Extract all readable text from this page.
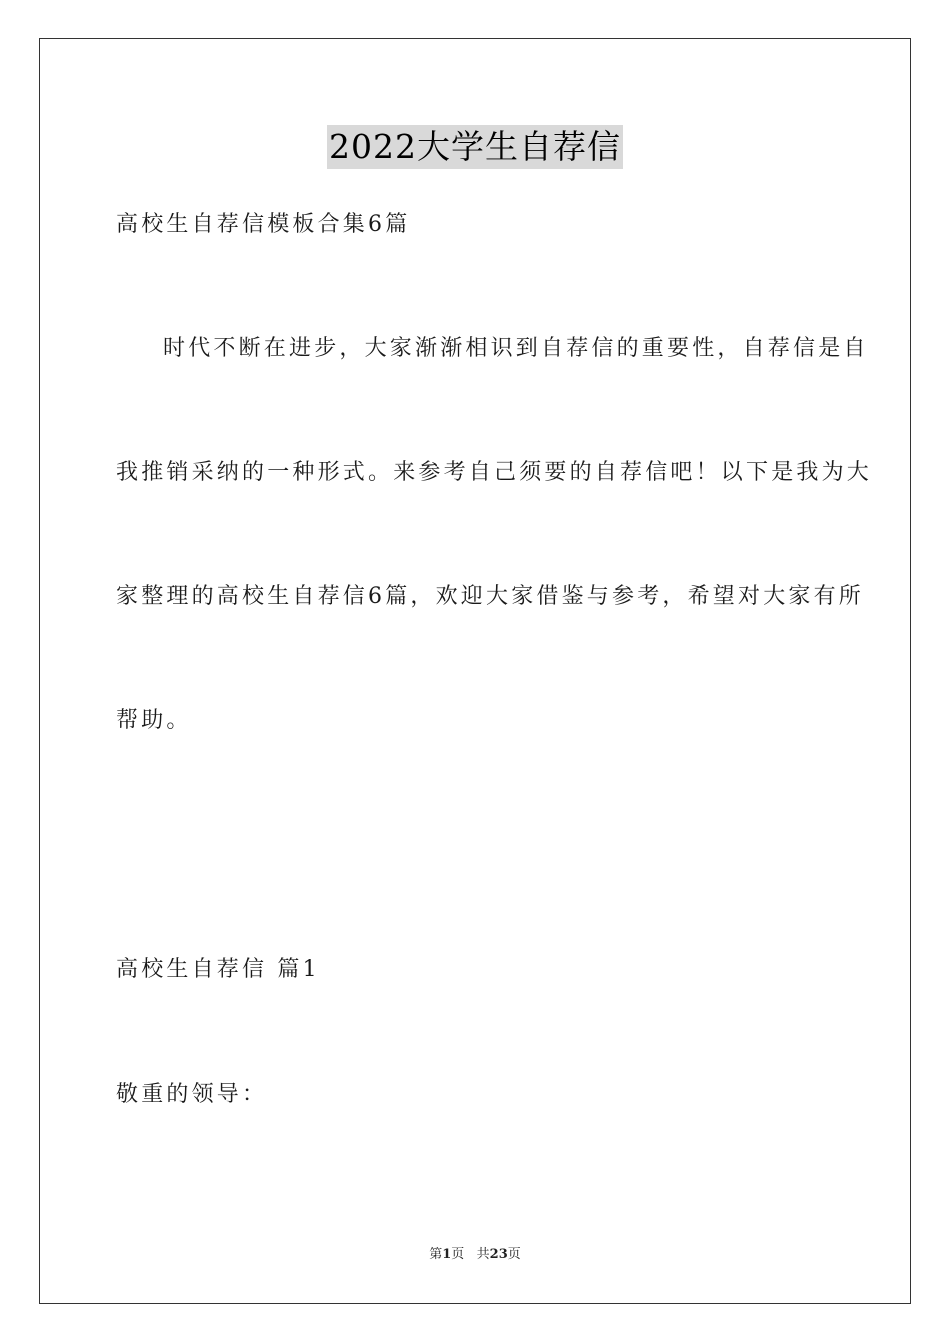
2022大学生自荐信
高校生自荐信模板合集6篇
时代不断在进步，大家渐渐相识到自荐信的重要性，自荐信是自
我推销采纳的一种形式。来参考自己须要的自荐信吧！以下是我为大
家整理的高校生自荐信6篇，欢迎大家借鉴与参考，希望对大家有所
帮助。
高校生自荐信 篇1
敬重的领导：
第1页   共23页
